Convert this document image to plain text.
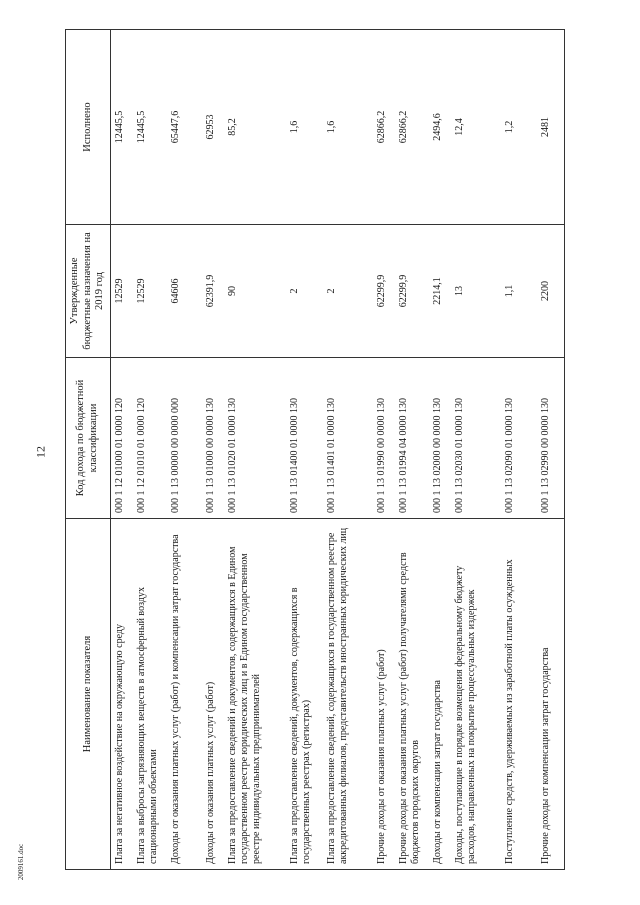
12
2009161.doc
Наименование показателя	Код дохода по бюджетной классификации	Утвержденные бюджетные назначения на 2019 год	Исполнено
Плата за негативное воздействие на окружающую среду	000 1 12 01000 01 0000 120	12529	12445,5
Плата за выбросы загрязняющих веществ в атмосферный воздух стационарными объектами	000 1 12 01010 01 0000 120	12529	12445,5
Доходы от оказания платных услуг (работ) и компенсации затрат государства	000 1 13 00000 00 0000 000	64606	65447,6
Доходы от оказания платных услуг (работ)	000 1 13 01000 00 0000 130	62391,9	62953
Плата за предоставление сведений и документов, содержащихся в Едином государственном реестре юридических лиц и в Едином государственном реестре индивидуальных предпринимателей	000 1 13 01020 01 0000 130	90	85,2
Плата за предоставление сведений, документов, содержащихся в государственных реестрах (регистрах)	000 1 13 01400 01 0000 130	2	1,6
Плата за предоставление сведений, содержащихся в государственном реестре аккредитованных филиалов, представительств иностранных юридических лиц	000 1 13 01401 01 0000 130	2	1,6
Прочие доходы от оказания платных услуг (работ)	000 1 13 01990 00 0000 130	62299,9	62866,2
Прочие доходы от оказания платных услуг (работ) получателями средств бюджетов городских округов	000 1 13 01994 04 0000 130	62299,9	62866,2
Доходы от компенсации затрат государства	000 1 13 02000 00 0000 130	2214,1	2494,6
Доходы, поступающие в порядке возмещения федеральному бюджету расходов, направленных на покрытие процессуальных издержек	000 1 13 02030 01 0000 130	13	12,4
Поступление средств, удерживаемых из заработной платы осужденных	000 1 13 02090 01 0000 130	1,1	1,2
Прочие доходы от компенсации затрат государства	000 1 13 02990 00 0000 130	2200	2481
